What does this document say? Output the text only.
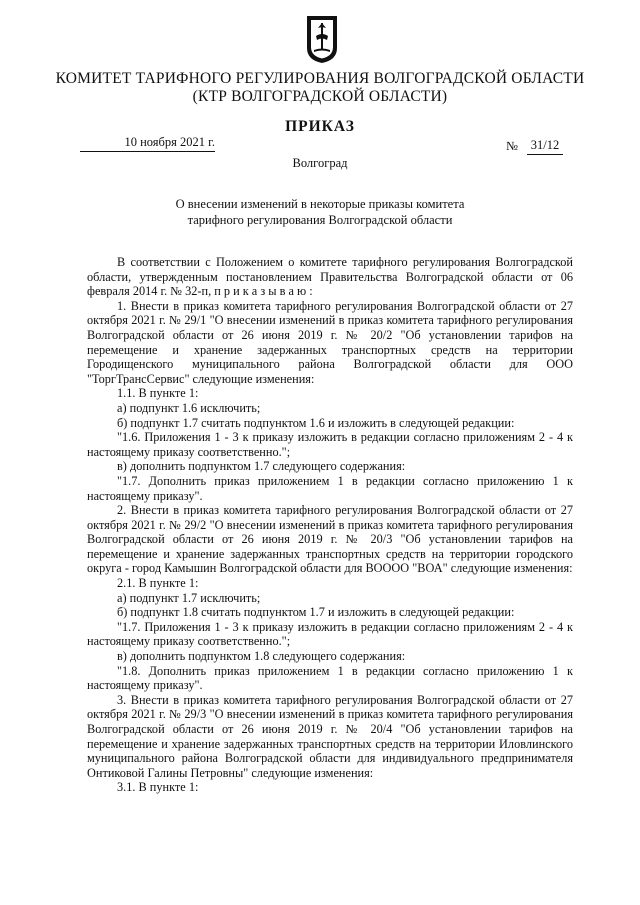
КОМИТЕТ ТАРИФНОГО РЕГУЛИРОВАНИЯ ВОЛГОГРАДСКОЙ ОБЛАСТИ
(КТР ВОЛГОГРАДСКОЙ ОБЛАСТИ)
ПРИКАЗ
10 ноября 2021 г.	№	31/12
Волгоград
О внесении изменений в некоторые приказы комитета
тарифного регулирования Волгоградской области

В соответствии с Положением о комитете тарифного регулирования Волгоградской области, утвержденным постановлением Правительства Волгоградской области от 06 февраля 2014 г. № 32-п, п р и к а з ы в а ю :

1. Внести в приказ комитета тарифного регулирования Волгоградской области от 27 октября 2021 г. № 29/1 "О внесении изменений в приказ комитета тарифного регулирования Волгоградской области от 26 июня 2019 г. № 20/2 "Об установлении тарифов на перемещение и хранение задержанных транспортных средств на территории Городищенского муниципального района Волгоградской области для ООО "ТоргТрансСервис" следующие изменения:

1.1. В пункте 1:

а) подпункт 1.6 исключить;

б) подпункт 1.7 считать подпунктом 1.6 и изложить в следующей редакции:

"1.6. Приложения 1 - 3 к приказу изложить в редакции согласно приложениям 2 - 4 к настоящему приказу соответственно.";

в) дополнить подпунктом 1.7 следующего содержания:

"1.7. Дополнить приказ приложением 1 в редакции согласно приложению 1 к настоящему приказу".

2. Внести в приказ комитета тарифного регулирования Волгоградской области от 27 октября 2021 г. № 29/2 "О внесении изменений в приказ комитета тарифного регулирования Волгоградской области от 26 июня 2019 г. № 20/3 "Об установлении тарифов на перемещение и хранение задержанных транспортных средств на территории городского округа - город Камышин Волгоградской области для ВОООО "ВОА" следующие изменения:

2.1. В пункте 1:

а) подпункт 1.7 исключить;

б) подпункт 1.8 считать подпунктом 1.7 и изложить в следующей редакции:

"1.7. Приложения 1 - 3 к приказу изложить в редакции согласно приложениям 2 - 4 к настоящему приказу соответственно.";

в) дополнить подпунктом 1.8 следующего содержания:

"1.8. Дополнить приказ приложением 1 в редакции согласно приложению 1 к настоящему приказу".

3. Внести в приказ комитета тарифного регулирования Волгоградской области от 27 октября 2021 г. № 29/3 "О внесении изменений в приказ комитета тарифного регулирования Волгоградской области от 26 июня 2019 г. № 20/4 "Об установлении тарифов на перемещение и хранение задержанных транспортных средств на территории Иловлинского муниципального района Волгоградской области для индивидуального предпринимателя Онтиковой Галины Петровны" следующие изменения:

3.1. В пункте 1:
